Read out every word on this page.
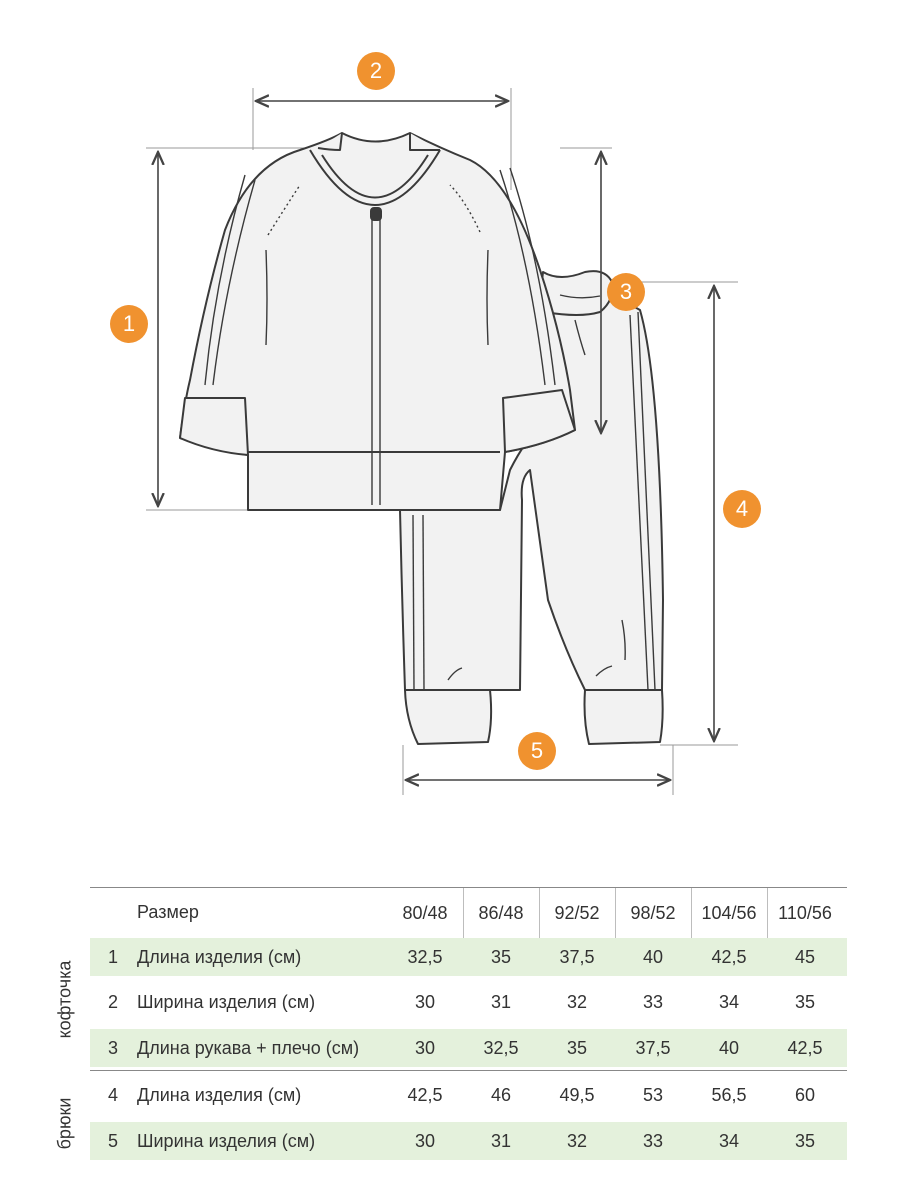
1
2
3
4
5
Размер	80/48	86/48	92/52	98/52	104/56	110/56
1 Длина изделия (см)	32,5	35	37,5	40	42,5	45
2 Ширина изделия (см)	30	31	32	33	34	35
3 Длина рукава + плечо (см)	30	32,5	35	37,5	40	42,5
4 Длина изделия (см)	42,5	46	49,5	53	56,5	60
5 Ширина изделия (см)	30	31	32	33	34	35
кофточка
брюки
